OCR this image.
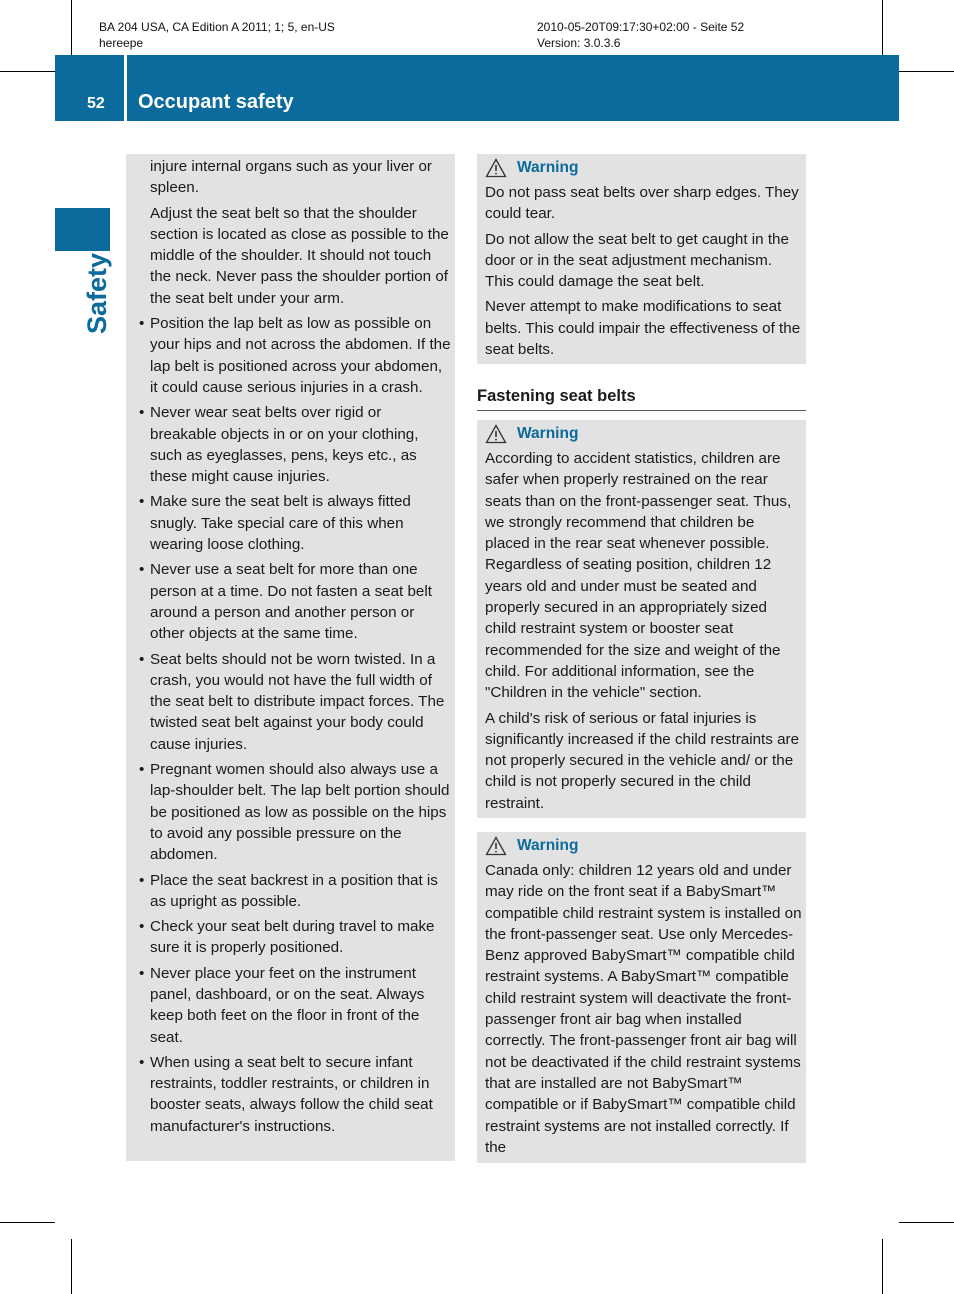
BA 204 USA, CA Edition A 2011; 1; 5, en-US
hereepe
2010-05-20T09:17:30+02:00 - Seite 52
Version: 3.0.3.6
52 Occupant safety
Safety

injure internal organs such as your liver or spleen.

Adjust the seat belt so that the shoulder section is located as close as possible to the middle of the shoulder. It should not touch the neck. Never pass the shoulder portion of the seat belt under your arm.

• Position the lap belt as low as possible on your hips and not across the abdomen. If the lap belt is positioned across your abdomen, it could cause serious injuries in a crash.
• Never wear seat belts over rigid or breakable objects in or on your clothing, such as eyeglasses, pens, keys etc., as these might cause injuries.
• Make sure the seat belt is always fitted snugly. Take special care of this when wearing loose clothing.
• Never use a seat belt for more than one person at a time. Do not fasten a seat belt around a person and another person or other objects at the same time.
• Seat belts should not be worn twisted. In a crash, you would not have the full width of the seat belt to distribute impact forces. The twisted seat belt against your body could cause injuries.
• Pregnant women should also always use a lap-shoulder belt. The lap belt portion should be positioned as low as possible on the hips to avoid any possible pressure on the abdomen.
• Place the seat backrest in a position that is as upright as possible.
• Check your seat belt during travel to make sure it is properly positioned.
• Never place your feet on the instrument panel, dashboard, or on the seat. Always keep both feet on the floor in front of the seat.
• When using a seat belt to secure infant restraints, toddler restraints, or children in booster seats, always follow the child seat manufacturer's instructions.
Warning

Do not pass seat belts over sharp edges. They could tear.

Do not allow the seat belt to get caught in the door or in the seat adjustment mechanism. This could damage the seat belt.

Never attempt to make modifications to seat belts. This could impair the effectiveness of the seat belts.

Fastening seat belts
Warning

According to accident statistics, children are safer when properly restrained on the rear seats than on the front-passenger seat. Thus, we strongly recommend that children be placed in the rear seat whenever possible. Regardless of seating position, children 12 years old and under must be seated and properly secured in an appropriately sized child restraint system or booster seat recommended for the size and weight of the child. For additional information, see the "Children in the vehicle" section.

A child's risk of serious or fatal injuries is significantly increased if the child restraints are not properly secured in the vehicle and/ or the child is not properly secured in the child restraint.

Warning

Canada only: children 12 years old and under may ride on the front seat if a BabySmart™ compatible child restraint system is installed on the front-passenger seat. Use only Mercedes-Benz approved BabySmart™ compatible child restraint systems. A BabySmart™ compatible child restraint system will deactivate the front-passenger front air bag when installed correctly. The front-passenger front air bag will not be deactivated if the child restraint systems that are installed are not BabySmart™ compatible or if BabySmart™ compatible child restraint systems are not installed correctly. If the
